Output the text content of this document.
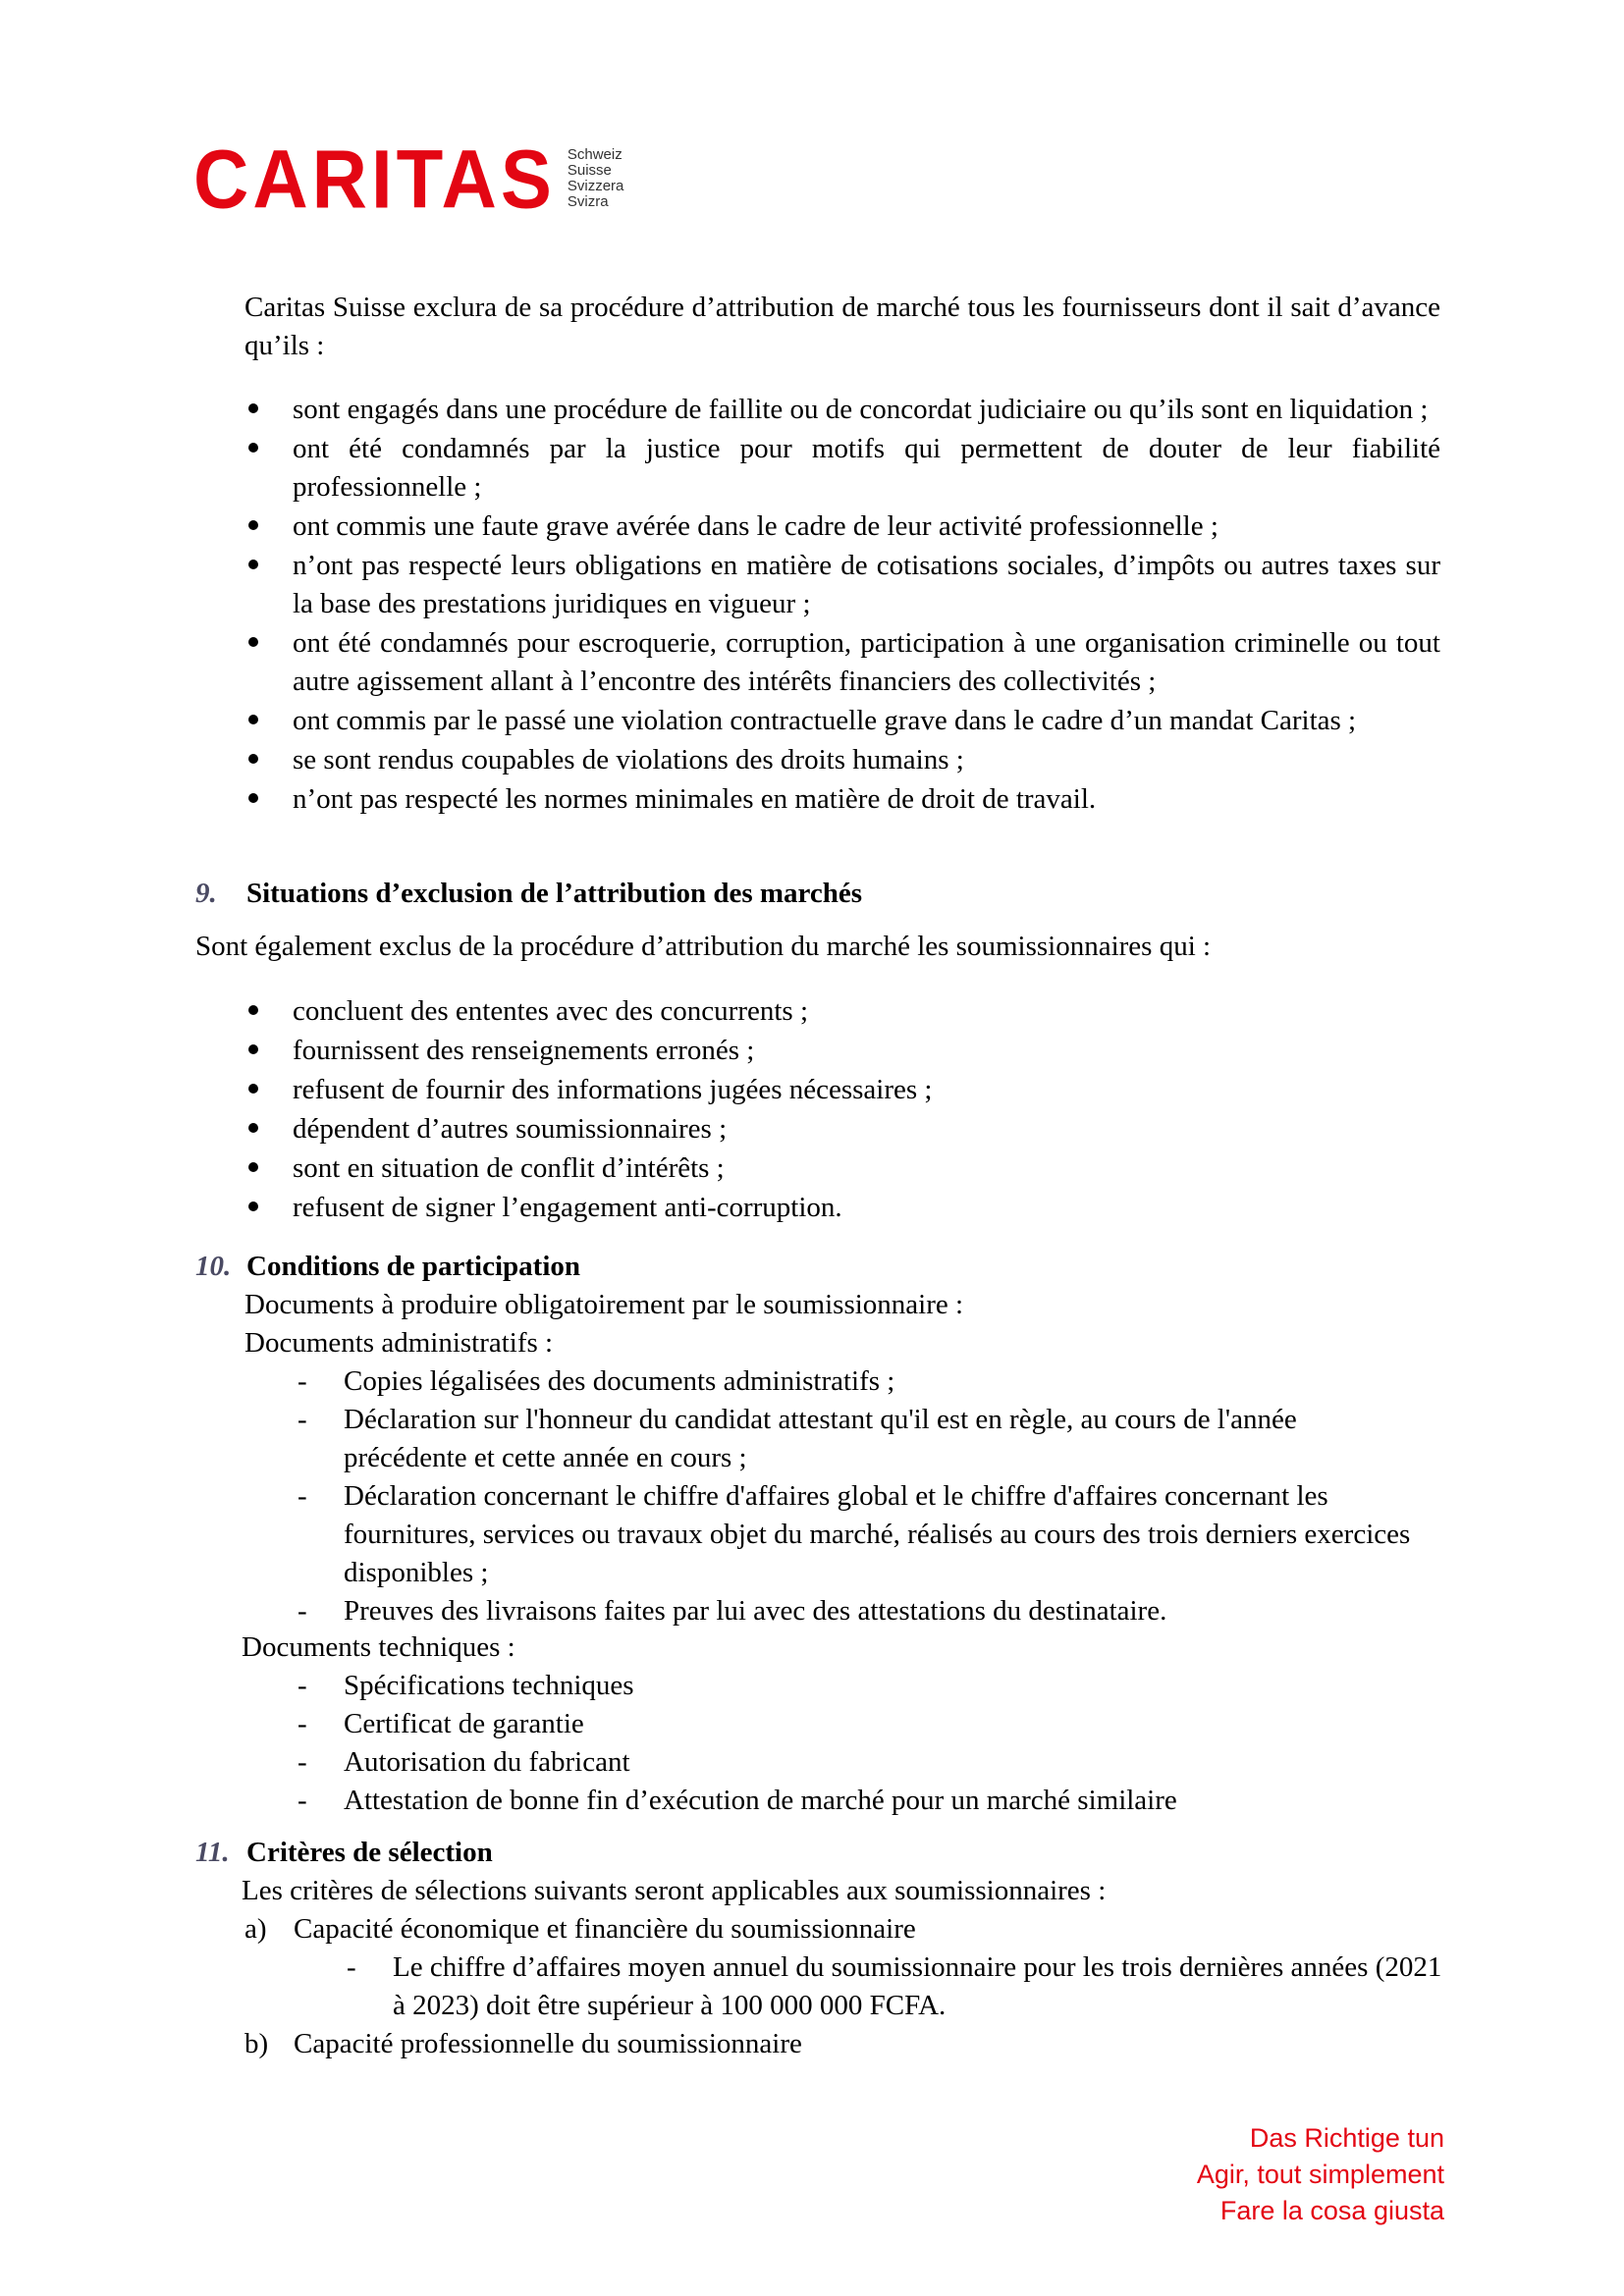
CARITAS Schweiz
Suisse
Svizzera
Svizra
Caritas Suisse exclura de sa procédure d’attribution de marché tous les fournisseurs dont il sait d’avance qu’ils :
sont engagés dans une procédure de faillite ou de concordat judiciaire ou qu’ils sont en liquidation ;
ont été condamnés par la justice pour motifs qui permettent de douter de leur fiabilité professionnelle ;
ont commis une faute grave avérée dans le cadre de leur activité professionnelle ;
n’ont pas respecté leurs obligations en matière de cotisations sociales, d’impôts ou autres taxes sur la base des prestations juridiques en vigueur ;
ont été condamnés pour escroquerie, corruption, participation à une organisation criminelle ou tout autre agissement allant à l’encontre des intérêts financiers des collectivités ;
ont commis par le passé une violation contractuelle grave dans le cadre d’un mandat Caritas ;
se sont rendus coupables de violations des droits humains ;
n’ont pas respecté les normes minimales en matière de droit de travail.
9. Situations d’exclusion de l’attribution des marchés
Sont également exclus de la procédure d’attribution du marché les soumissionnaires qui :
concluent des ententes avec des concurrents ;
fournissent des renseignements erronés ;
refusent de fournir des informations jugées nécessaires ;
dépendent d’autres soumissionnaires ;
sont en situation de conflit d’intérêts ;
refusent de signer l’engagement anti-corruption.
10. Conditions de participation
Documents à produire obligatoirement par le soumissionnaire :
Documents administratifs :
- Copies légalisées des documents administratifs ;
- Déclaration sur l'honneur du candidat attestant qu'il est en règle, au cours de l'année précédente et cette année en cours ;
- Déclaration concernant le chiffre d'affaires global et le chiffre d'affaires concernant les fournitures, services ou travaux objet du marché, réalisés au cours des trois derniers exercices disponibles ;
- Preuves des livraisons faites par lui avec des attestations du destinataire.
Documents techniques :
- Spécifications techniques
- Certificat de garantie
- Autorisation du fabricant
- Attestation de bonne fin d’exécution de marché pour un marché similaire
11. Critères de sélection
Les critères de sélections suivants seront applicables aux soumissionnaires :
a) Capacité économique et financière du soumissionnaire
- Le chiffre d’affaires moyen annuel du soumissionnaire pour les trois dernières années (2021 à 2023) doit être supérieur à 100 000 000 FCFA.
b) Capacité professionnelle du soumissionnaire
Das Richtige tun
Agir, tout simplement
Fare la cosa giusta
